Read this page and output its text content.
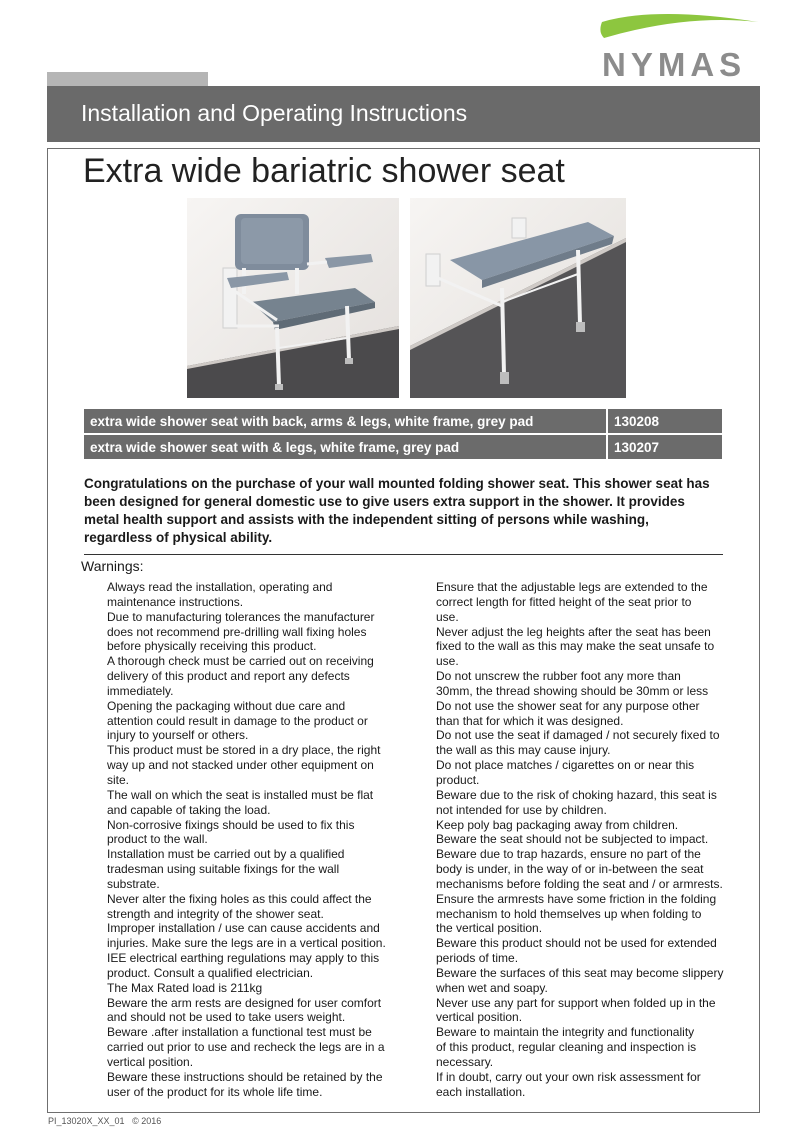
NYMAS
Installation and Operating Instructions
Extra wide bariatric shower seat
extra wide shower seat with back, arms & legs, white frame, grey pad	130208
extra wide shower seat with & legs, white frame, grey pad	130207

Congratulations on the purchase of your wall mounted folding shower seat. This shower seat has been designed for general domestic use to give users extra support in the shower. It provides metal health support and assists with the independent sitting of persons while washing, regardless of physical ability.

Warnings:
Always read the installation, operating and
maintenance instructions.
Due to manufacturing tolerances the manufacturer
does not recommend pre-drilling wall fixing holes
before physically receiving this product.
A thorough check must be carried out on receiving
delivery of this product and report any defects
immediately.
Opening the packaging without due care and
attention could result in damage to the product or
injury to yourself or others.
This product must be stored in a dry place, the right
way up and not stacked under other equipment on
site.
The wall on which the seat is installed must be flat
and capable of taking the load.
Non-corrosive fixings should be used to fix this
product to the wall.
Installation must be carried out by a qualified
tradesman using suitable fixings for the wall
substrate.
Never alter the fixing holes as this could affect the
strength and integrity of the shower seat.
Improper installation / use can cause accidents and
injuries. Make sure the legs are in a vertical position.
IEE electrical earthing regulations may apply to this
product. Consult a qualified electrician.
The Max Rated load is 211kg
Beware the arm rests are designed for user comfort
and should not be used to take users weight.
Beware .after installation a functional test must be
carried out prior to use and recheck the legs are in a
vertical position.
Beware these instructions should be retained by the
user of the product for its whole life time.
Ensure that the adjustable legs are extended to the
correct length for fitted height of the seat prior to
use.
Never adjust the leg heights after the seat has been
fixed to the wall as this may make the seat unsafe to
use.
Do not unscrew the rubber foot any more than
30mm, the thread showing should be 30mm or less
Do not use the shower seat for any purpose other
than that for which it was designed.
Do not use the seat if damaged / not securely fixed to
the wall as this may cause injury.
Do not place matches / cigarettes on or near this
product.
Beware due to the risk of choking hazard, this seat is
not intended for use by children.
Keep poly bag packaging away from children.
Beware the seat should not be subjected to impact.
Beware due to trap hazards, ensure no part of the
body is under, in the way of or in-between the seat
mechanisms before folding the seat and / or armrests.
Ensure the armrests have some friction in the folding
mechanism to hold themselves up when folding to
the vertical position.
Beware this product should not be used for extended
periods of time.
Beware the surfaces of this seat may become slippery
when wet and soapy.
Never use any part for support when folded up in the
vertical position.
Beware to maintain the integrity and functionality
of this product, regular cleaning and inspection is
necessary.
If in doubt, carry out your own risk assessment for
each installation.
PI_13020X_XX_01 © 2016
